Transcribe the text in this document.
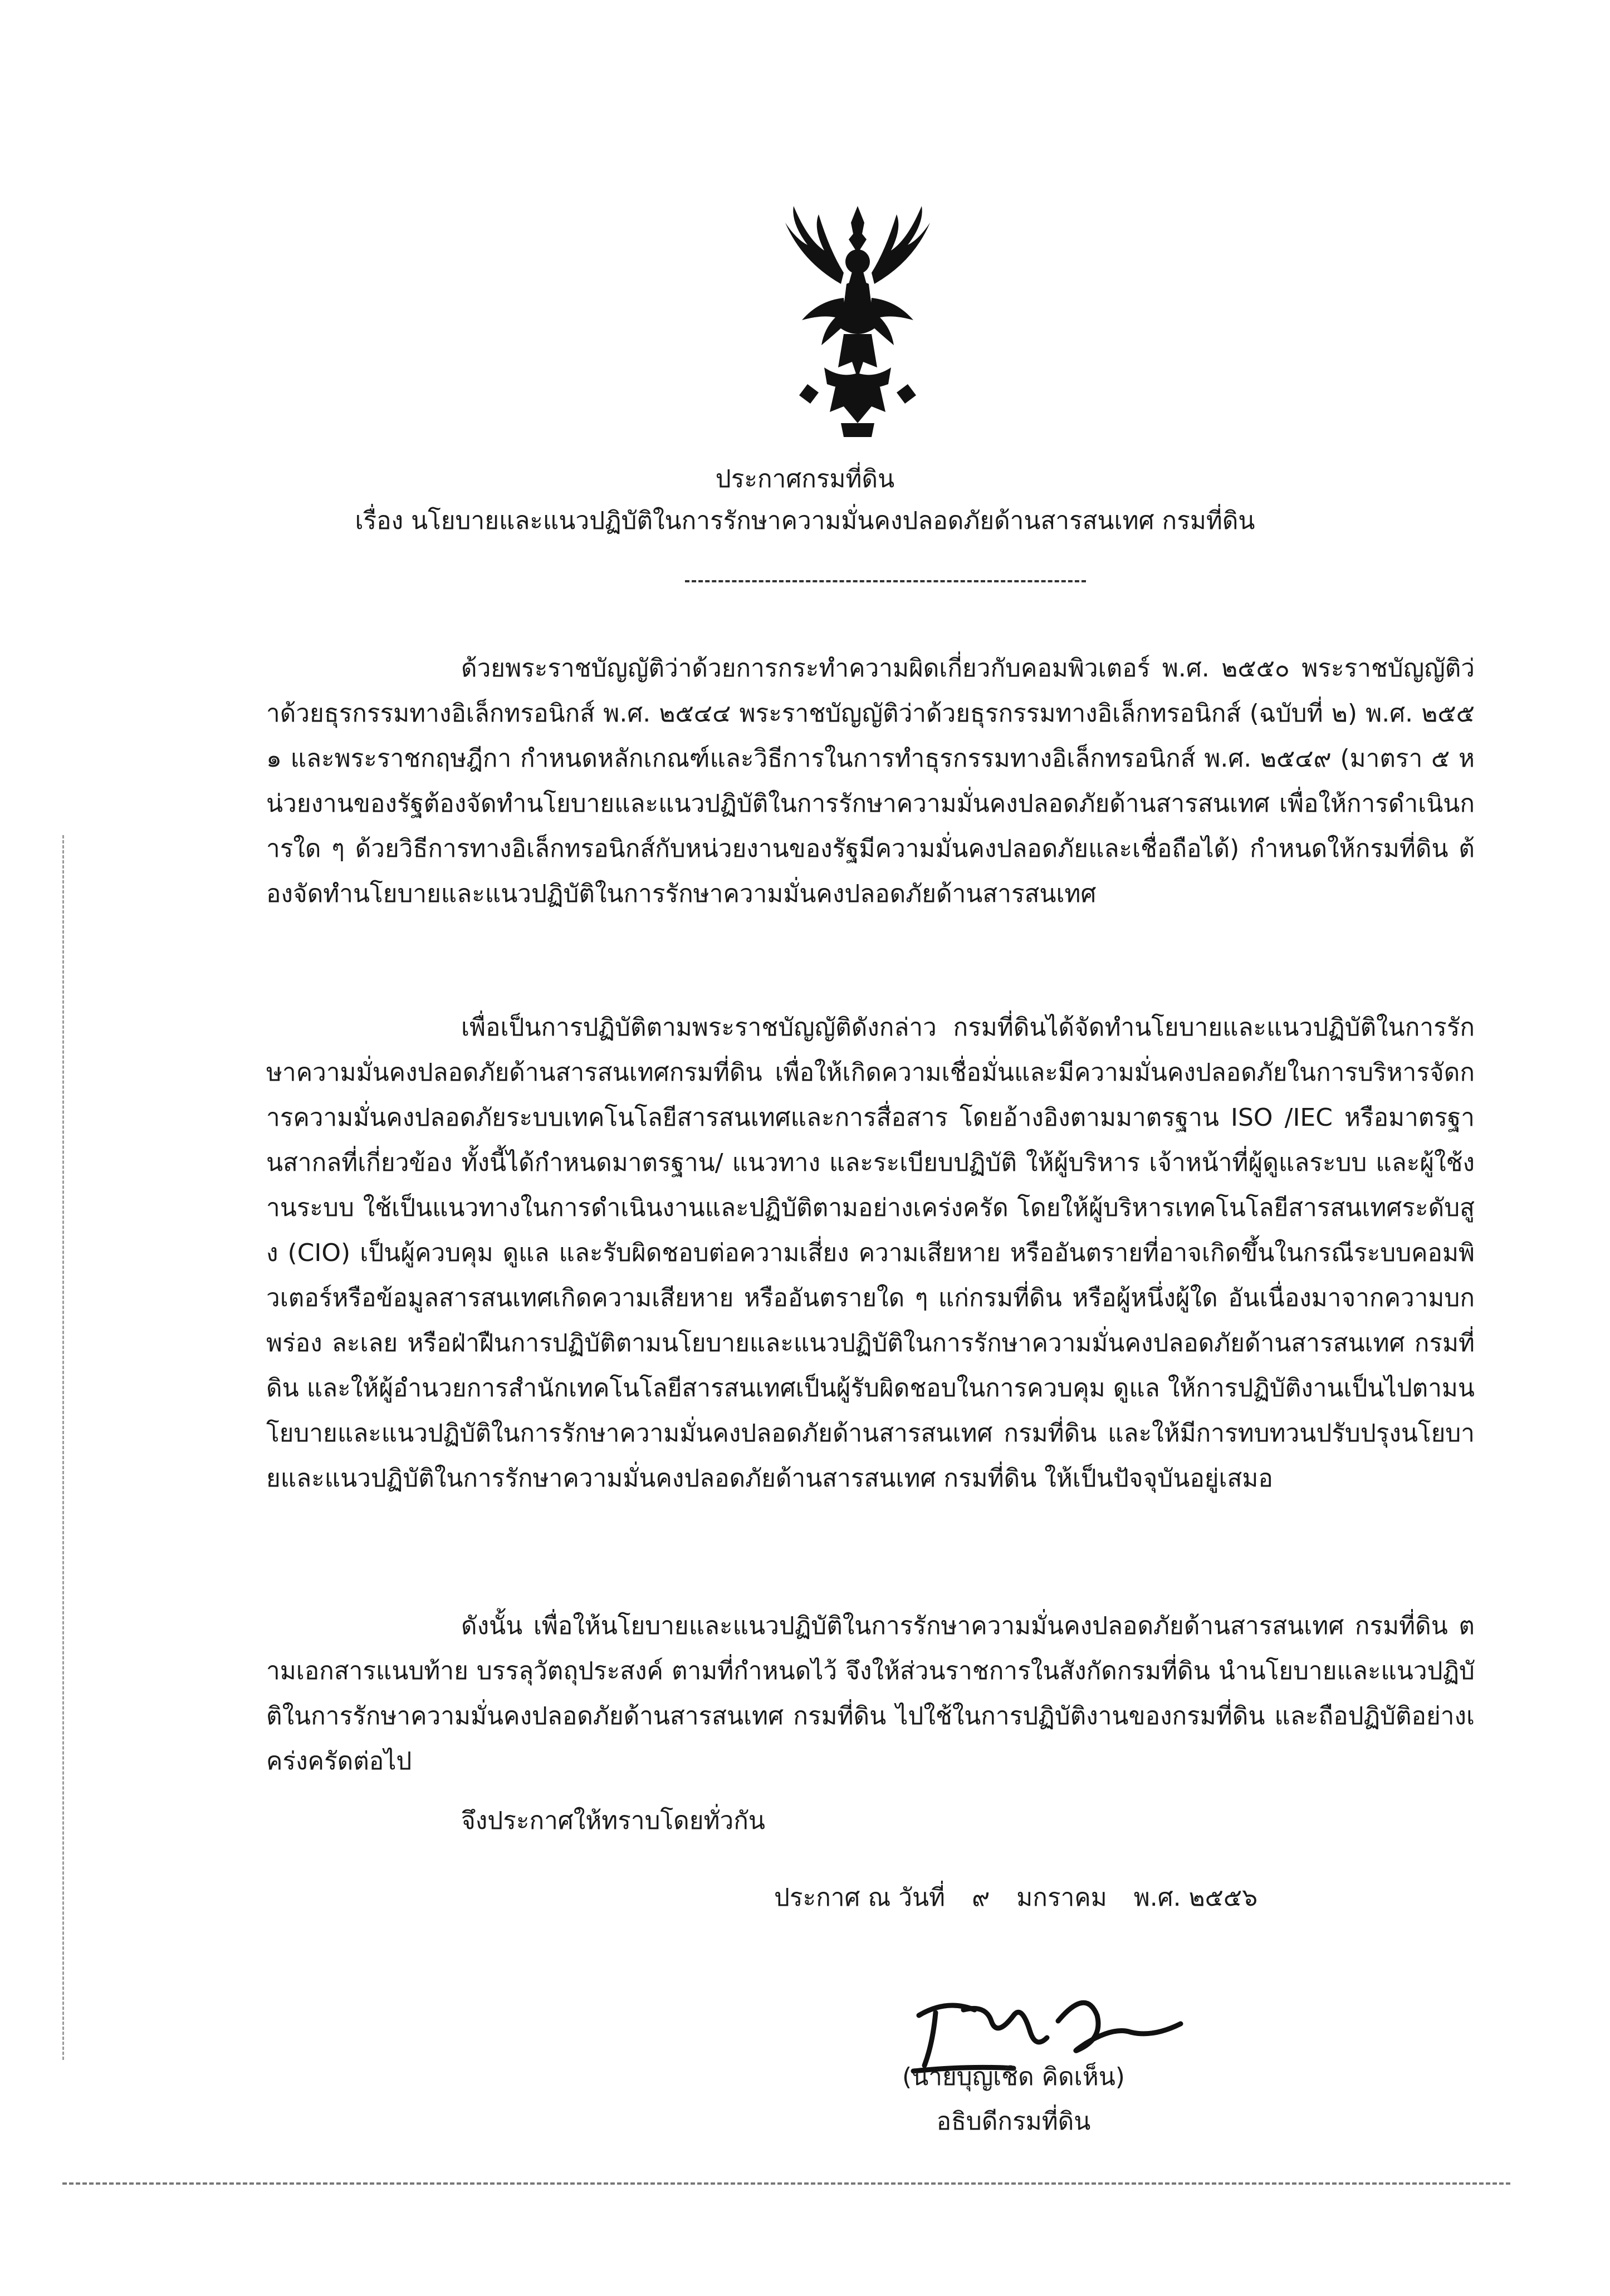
ประกาศกรมที่ดิน
เรื่อง นโยบายและแนวปฏิบัติในการรักษาความมั่นคงปลอดภัยด้านสารสนเทศ กรมที่ดิน
ด้วยพระราชบัญญัติว่าด้วยการกระทำความผิดเกี่ยวกับคอมพิวเตอร์ พ.ศ. ๒๕๕๐ พระราชบัญญัติว่าด้วยธุรกรรมทางอิเล็กทรอนิกส์ พ.ศ. ๒๕๔๔ พระราชบัญญัติว่าด้วยธุรกรรมทางอิเล็กทรอนิกส์ (ฉบับที่ ๒) พ.ศ. ๒๕๕๑ และพระราชกฤษฎีกา กำหนดหลักเกณฑ์และวิธีการในการทำธุรกรรมทางอิเล็กทรอนิกส์ พ.ศ. ๒๕๔๙ (มาตรา ๕ หน่วยงานของรัฐต้องจัดทำนโยบายและแนวปฏิบัติในการรักษาความมั่นคงปลอดภัยด้านสารสนเทศ เพื่อให้การดำเนินการใด ๆ ด้วยวิธีการทางอิเล็กทรอนิกส์กับหน่วยงานของรัฐมีความมั่นคงปลอดภัยและเชื่อถือได้) กำหนดให้กรมที่ดิน ต้องจัดทำนโยบายและแนวปฏิบัติในการรักษาความมั่นคงปลอดภัยด้านสารสนเทศ
เพื่อเป็นการปฏิบัติตามพระราชบัญญัติดังกล่าว กรมที่ดินได้จัดทำนโยบายและแนวปฏิบัติในการรักษาความมั่นคงปลอดภัยด้านสารสนเทศกรมที่ดิน เพื่อให้เกิดความเชื่อมั่นและมีความมั่นคงปลอดภัยในการบริหารจัดการความมั่นคงปลอดภัยระบบเทคโนโลยีสารสนเทศและการสื่อสาร โดยอ้างอิงตามมาตรฐาน ISO /IEC หรือมาตรฐานสากลที่เกี่ยวข้อง ทั้งนี้ได้กำหนดมาตรฐาน/ แนวทาง และระเบียบปฏิบัติ ให้ผู้บริหาร เจ้าหน้าที่ผู้ดูแลระบบ และผู้ใช้งานระบบ ใช้เป็นแนวทางในการดำเนินงานและปฏิบัติตามอย่างเคร่งครัด โดยให้ผู้บริหารเทคโนโลยีสารสนเทศระดับสูง (CIO) เป็นผู้ควบคุม ดูแล และรับผิดชอบต่อความเสี่ยง ความเสียหาย หรืออันตรายที่อาจเกิดขึ้นในกรณีระบบคอมพิวเตอร์หรือข้อมูลสารสนเทศเกิดความเสียหาย หรืออันตรายใด ๆ แก่กรมที่ดิน หรือผู้หนึ่งผู้ใด อันเนื่องมาจากความบกพร่อง ละเลย หรือฝ่าฝืนการปฏิบัติตามนโยบายและแนวปฏิบัติในการรักษาความมั่นคงปลอดภัยด้านสารสนเทศ กรมที่ดิน และให้ผู้อำนวยการสำนักเทคโนโลยีสารสนเทศเป็นผู้รับผิดชอบในการควบคุม ดูแล ให้การปฏิบัติงานเป็นไปตามนโยบายและแนวปฏิบัติในการรักษาความมั่นคงปลอดภัยด้านสารสนเทศ กรมที่ดิน และให้มีการทบทวนปรับปรุงนโยบายและแนวปฏิบัติในการรักษาความมั่นคงปลอดภัยด้านสารสนเทศ กรมที่ดิน ให้เป็นปัจจุบันอยู่เสมอ
ดังนั้น เพื่อให้นโยบายและแนวปฏิบัติในการรักษาความมั่นคงปลอดภัยด้านสารสนเทศ กรมที่ดิน ตามเอกสารแนบท้าย บรรลุวัตถุประสงค์ ตามที่กำหนดไว้ จึงให้ส่วนราชการในสังกัดกรมที่ดิน นำนโยบายและแนวปฏิบัติในการรักษาความมั่นคงปลอดภัยด้านสารสนเทศ กรมที่ดิน ไปใช้ในการปฏิบัติงานของกรมที่ดิน และถือปฏิบัติอย่างเคร่งครัดต่อไป
จึงประกาศให้ทราบโดยทั่วกัน
ประกาศ ณ วันที่ ๙ มกราคม พ.ศ. ๒๕๕๖
(นายบุญเชิด คิดเห็น)
อธิบดีกรมที่ดิน
